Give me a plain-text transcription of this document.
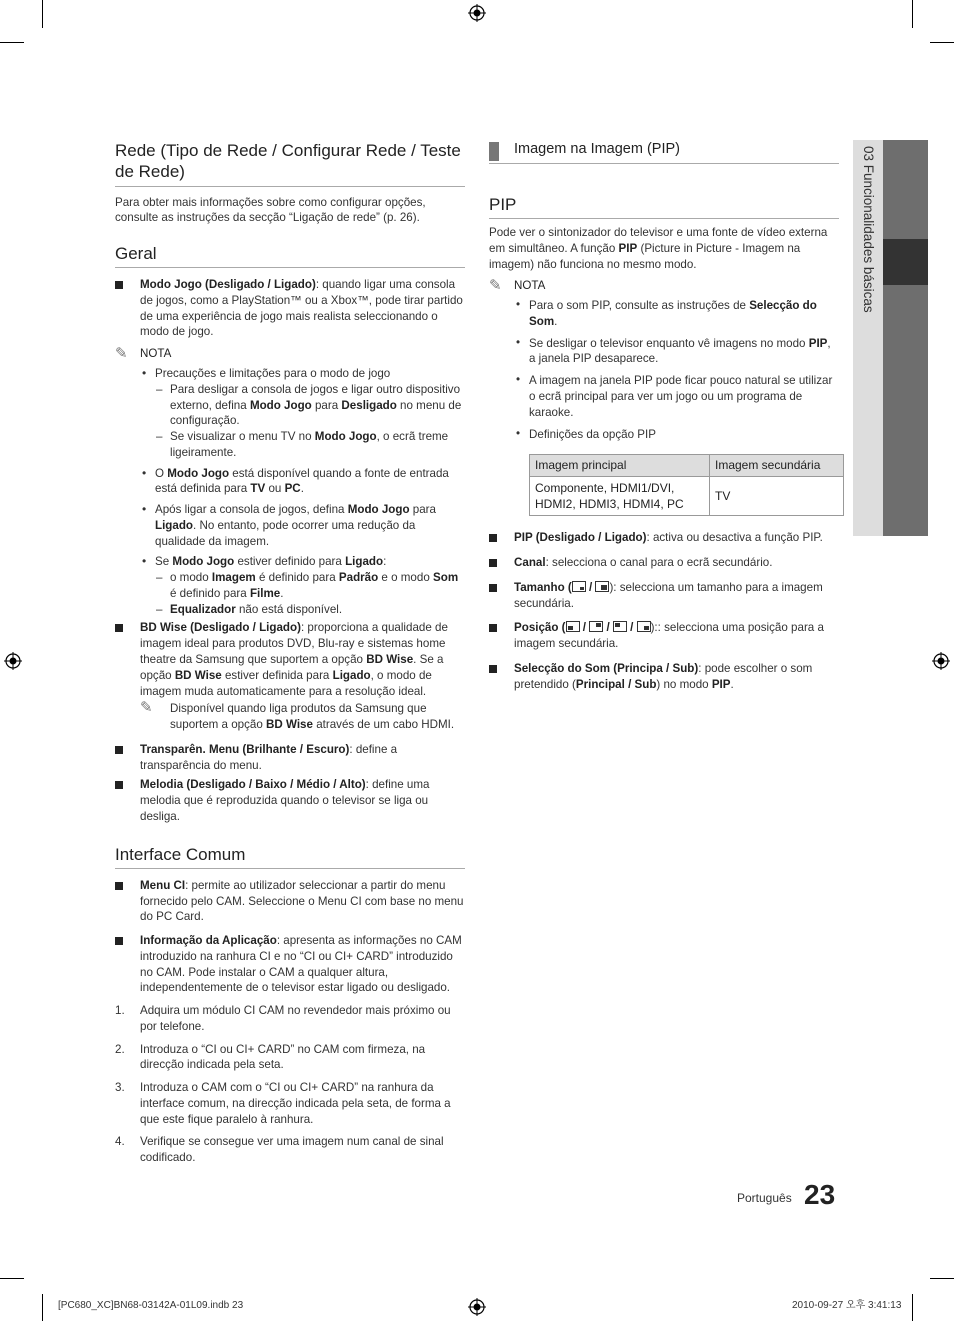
Rede (Tipo de Rede / Configurar Rede / Teste de Rede)

Para obter mais informações sobre como configurar opções, consulte as instruções da secção “Ligação de rede” (p. 26).

Geral
Modo Jogo (Desligado / Ligado): quando ligar uma consola de jogos, como a PlayStation™ ou a Xbox™, pode tirar partido de uma experiência de jogo mais realista seleccionando o modo de jogo.
✎ NOTA
• Precauções e limitações para o modo de jogo
– Para desligar a consola de jogos e ligar outro dispositivo externo, defina Modo Jogo para Desligado no menu de configuração.
– Se visualizar o menu TV no Modo Jogo, o ecrã treme ligeiramente.
• O Modo Jogo está disponível quando a fonte de entrada está definida para TV ou PC.
• Após ligar a consola de jogos, defina Modo Jogo para Ligado. No entanto, pode ocorrer uma redução da qualidade da imagem.
• Se Modo Jogo estiver definido para Ligado:
– o modo Imagem é definido para Padrão e o modo Som é definido para Filme.
– Equalizador não está disponível.
BD Wise (Desligado / Ligado): proporciona a qualidade de imagem ideal para produtos DVD, Blu-ray e sistemas home theatre da Samsung que suportem a opção BD Wise. Se a opção BD Wise estiver definida para Ligado, o modo de imagem muda automaticamente para a resolução ideal.
✎ Disponível quando liga produtos da Samsung que suportem a opção BD Wise através de um cabo HDMI.
Transparên. Menu (Brilhante / Escuro): define a transparência do menu.
Melodia (Desligado / Baixo / Médio / Alto): define uma melodia que é reproduzida quando o televisor se liga ou desliga.
Interface Comum
Menu CI: permite ao utilizador seleccionar a partir do menu fornecido pelo CAM. Seleccione o Menu CI com base no menu do PC Card.
Informação da Aplicação: apresenta as informações no CAM introduzido na ranhura CI e no “CI ou CI+ CARD” introduzido no CAM. Pode instalar o CAM a qualquer altura, independentemente de o televisor estar ligado ou desligado.
1. Adquira um módulo CI CAM no revendedor mais próximo ou por telefone.
2. Introduza o “CI ou CI+ CARD” no CAM com firmeza, na direcção indicada pela seta.
3. Introduza o CAM com o “CI ou CI+ CARD” na ranhura da interface comum, na direcção indicada pela seta, de forma a que este fique paralelo à ranhura.
4. Verifique se consegue ver uma imagem num canal de sinal codificado.
Imagem na Imagem (PIP)
PIP

Pode ver o sintonizador do televisor e uma fonte de vídeo externa em simultâneo. A função PIP (Picture in Picture - Imagem na imagem) não funciona no mesmo modo.

✎ NOTA
• Para o som PIP, consulte as instruções de Selecção do Som.
• Se desligar o televisor enquanto vê imagens no modo PIP, a janela PIP desaparece.
• A imagem na janela PIP pode ficar pouco natural se utilizar o ecrã principal para ver um jogo ou um programa de karaoke.
• Definições da opção PIP
Imagem principal	Imagem secundária
Componente, HDMI1/DVI, HDMI2, HDMI3, HDMI4, PC	TV
PIP (Desligado / Ligado): activa ou desactiva a função PIP.
Canal: selecciona o canal para o ecrã secundário.
Tamanho (
/
): selecciona um tamanho para a imagem secundária.
Posição (
/
/
/
):: selecciona uma posição para a imagem secundária.
Selecção do Som (Principa / Sub): pode escolher o som pretendido (Principal / Sub) no modo PIP.
03 Funcionalidades básicas
Português 23
[PC680_XC]BN68-03142A-01L09.indb 23	2010-09-27 오후 3:41:13
